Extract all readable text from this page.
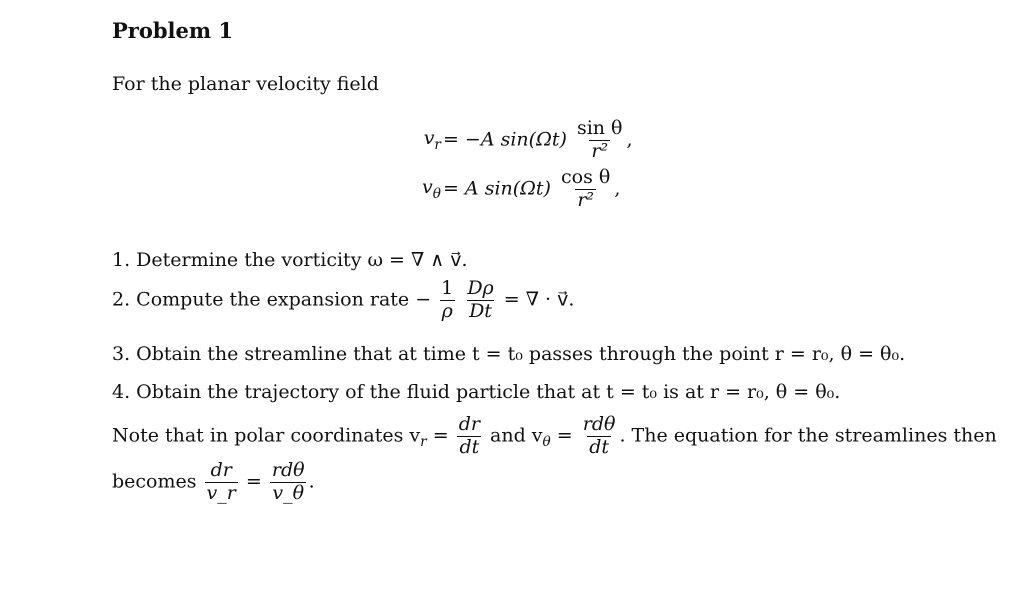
Problem 1
For the planar velocity field
$v_r = -A$ $\sin(\Omega t) \frac{\text{sin θ}}{\text{r²}}$ ,
$v_\theta = A$ $\sin(\Omega t) \frac{\text{cos θ}}{\text{r²}}$ ,
1. Determine the vorticity ω = ∇ ∧ v⃗.
2. Compute the expansion rate − $\frac{1}{\rho}$
$\frac{D\rho}{Dt}$ = ∇ · v⃗.
3. Obtain the streamline that at time t = t₀ passes through the point r = r₀, θ = θ₀.
4. Obtain the trajectory of the fluid particle that at t = t₀ is at r = r₀, θ = θ₀.
Note that in polar coordinates $v_r = \frac{dr}{dt}$ and $v_\theta = \frac{\text{rdθ}}{dt}$ . The equation for the streamlines then
becomes $\frac{dr}{v\_r} = \frac{\text{rdθ}}{v\_\theta}$ .
